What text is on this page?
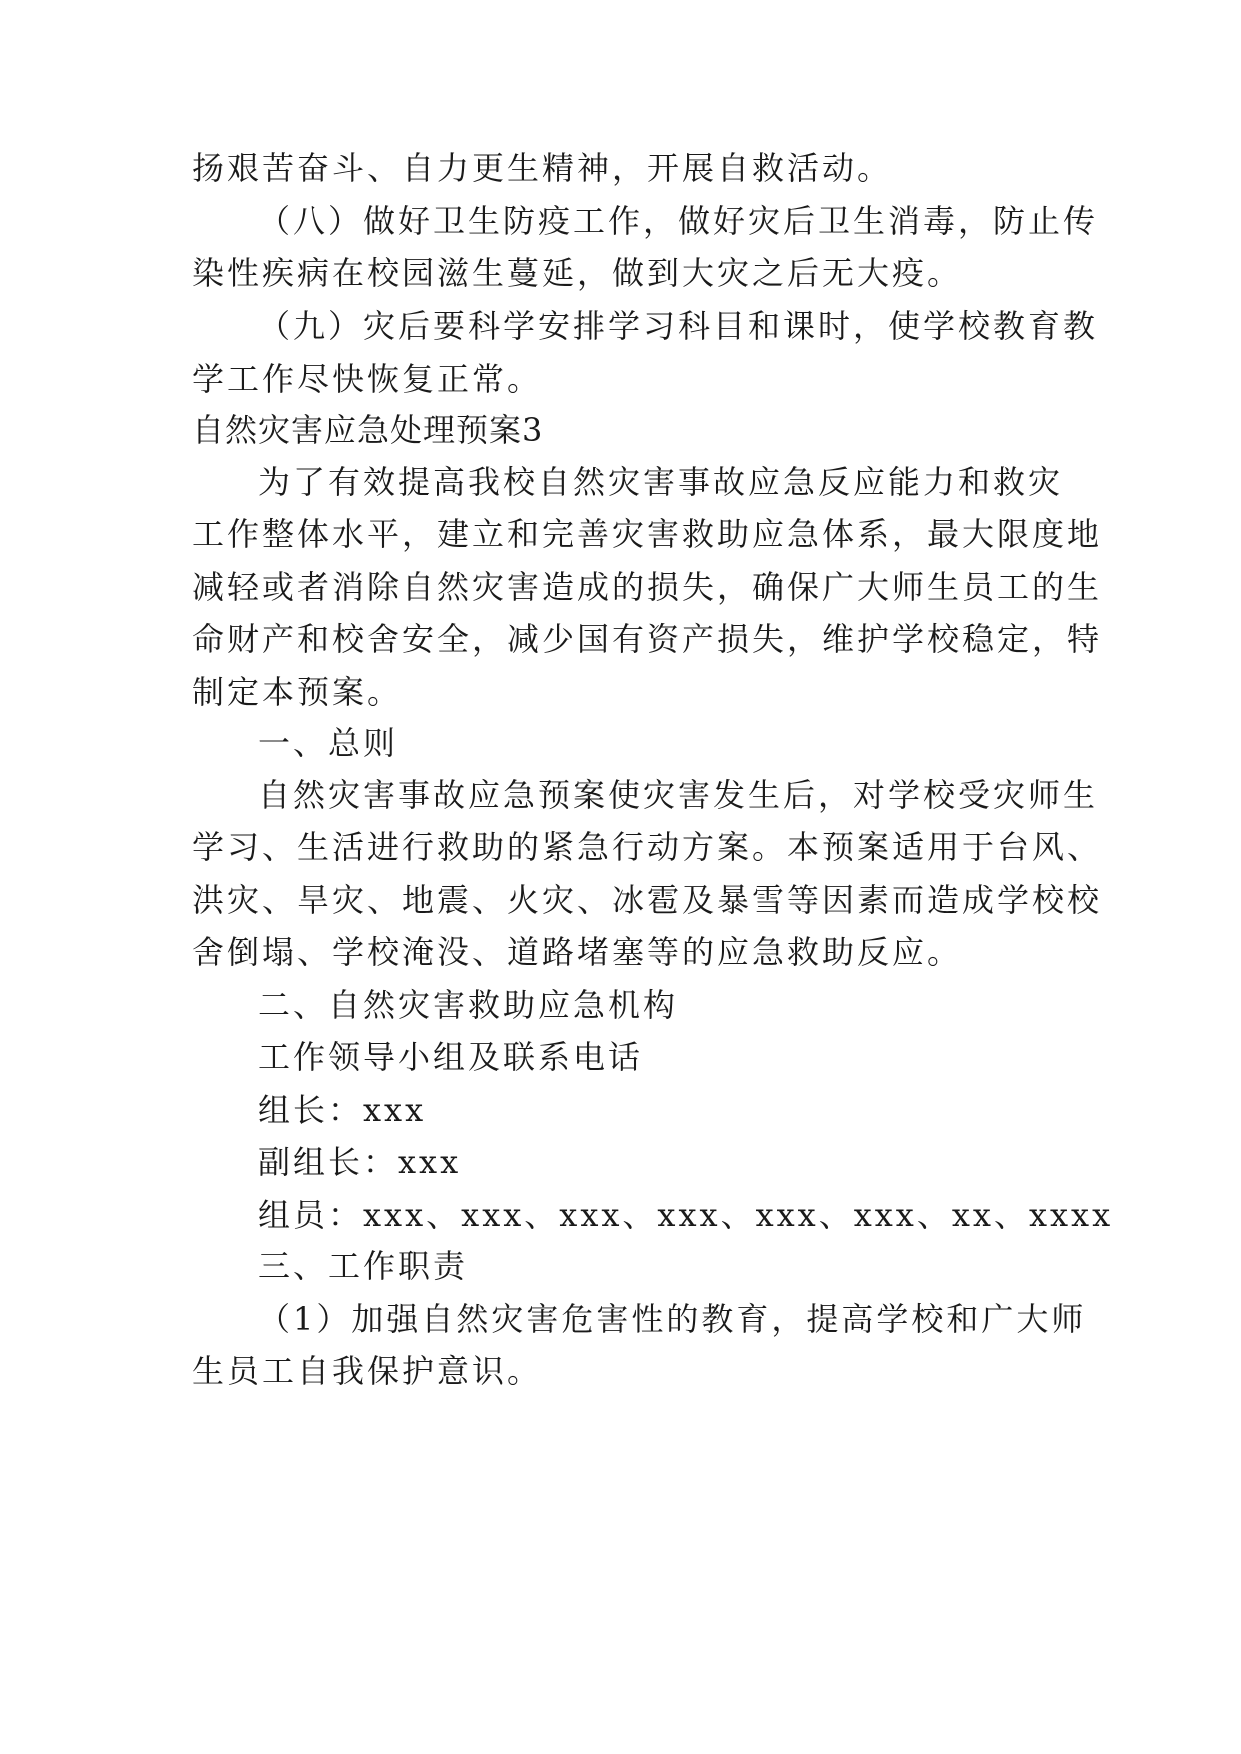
扬艰苦奋斗、自力更生精神，开展自救活动。
（八）做好卫生防疫工作，做好灾后卫生消毒，防止传
染性疾病在校园滋生蔓延，做到大灾之后无大疫。
（九）灾后要科学安排学习科目和课时，使学校教育教
学工作尽快恢复正常。
自然灾害应急处理预案3
为了有效提高我校自然灾害事故应急反应能力和救灾
工作整体水平，建立和完善灾害救助应急体系，最大限度地
减轻或者消除自然灾害造成的损失，确保广大师生员工的生
命财产和校舍安全，减少国有资产损失，维护学校稳定，特
制定本预案。
一、总则
自然灾害事故应急预案使灾害发生后，对学校受灾师生
学习、生活进行救助的紧急行动方案。本预案适用于台风、
洪灾、旱灾、地震、火灾、冰雹及暴雪等因素而造成学校校
舍倒塌、学校淹没、道路堵塞等的应急救助反应。
二、自然灾害救助应急机构
工作领导小组及联系电话
组长：xxx
副组长：xxx
组员：xxx、xxx、xxx、xxx、xxx、xxx、xx、xxxx
三、工作职责
（1）加强自然灾害危害性的教育，提高学校和广大师
生员工自我保护意识。
